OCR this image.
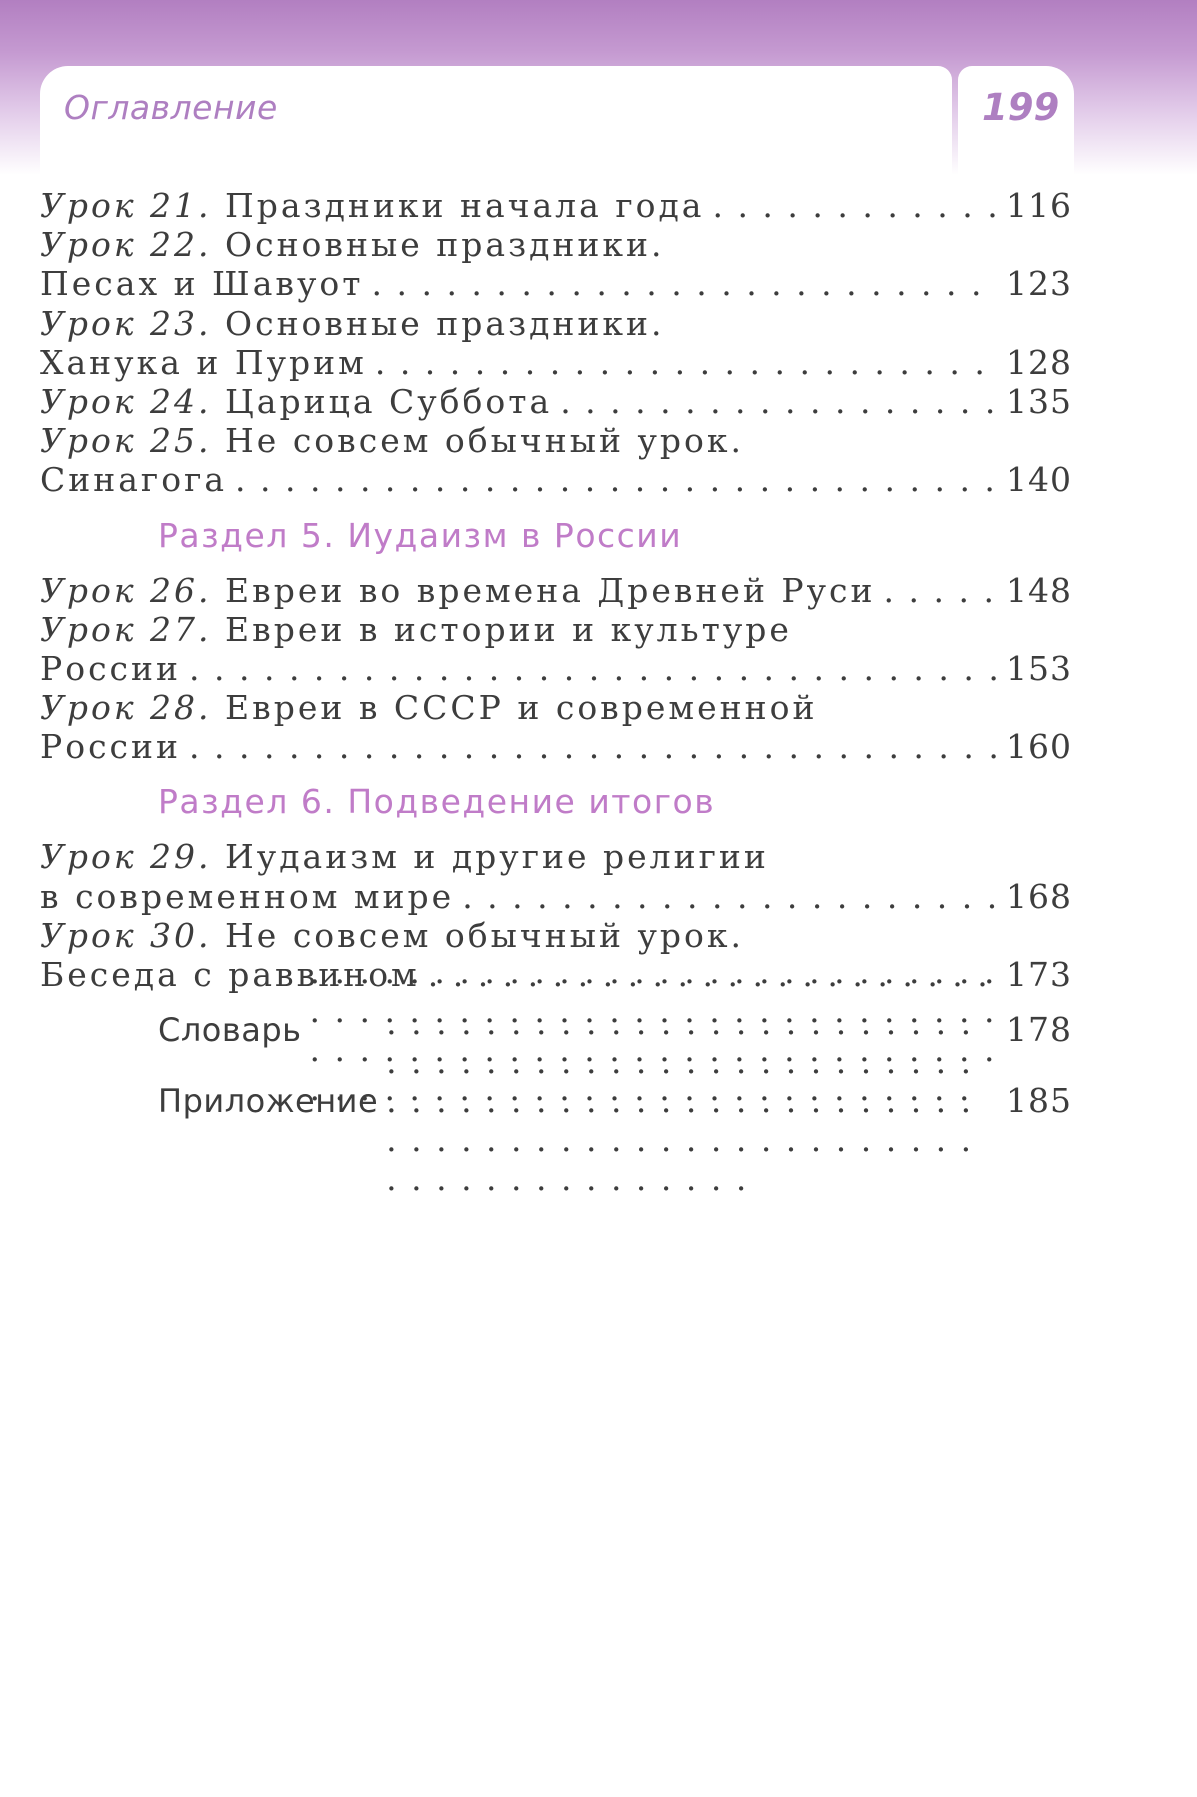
Оглавление	199
Урок 21.
Праздники начала года . . .	116
Урок 22.
Основные праздники.
Песах и Шавуот . . .	123
Урок 23.
Основные праздники.
Ханука и Пурим . . .	128
Урок 24.
Царица Суббота . . .	135
Урок 25.
Не совсем обычный урок.
Синагога . . .	140
Раздел 5. Иудаизм в России
Урок 26.
Евреи во времена Древней Руси . . .	148
Урок 27.
Евреи в истории и культуре
России . . .	153
Урок 28.
Евреи в СССР и современной
России . . .	160
Раздел 6. Подведение итогов
Урок 29.
Иудаизм и другие религии
в современном мире . . .	168
Урок 30.
Не совсем обычный урок.
Беседа с раввином . . .	173
Словарь . . .	178
Приложение . . .	185
